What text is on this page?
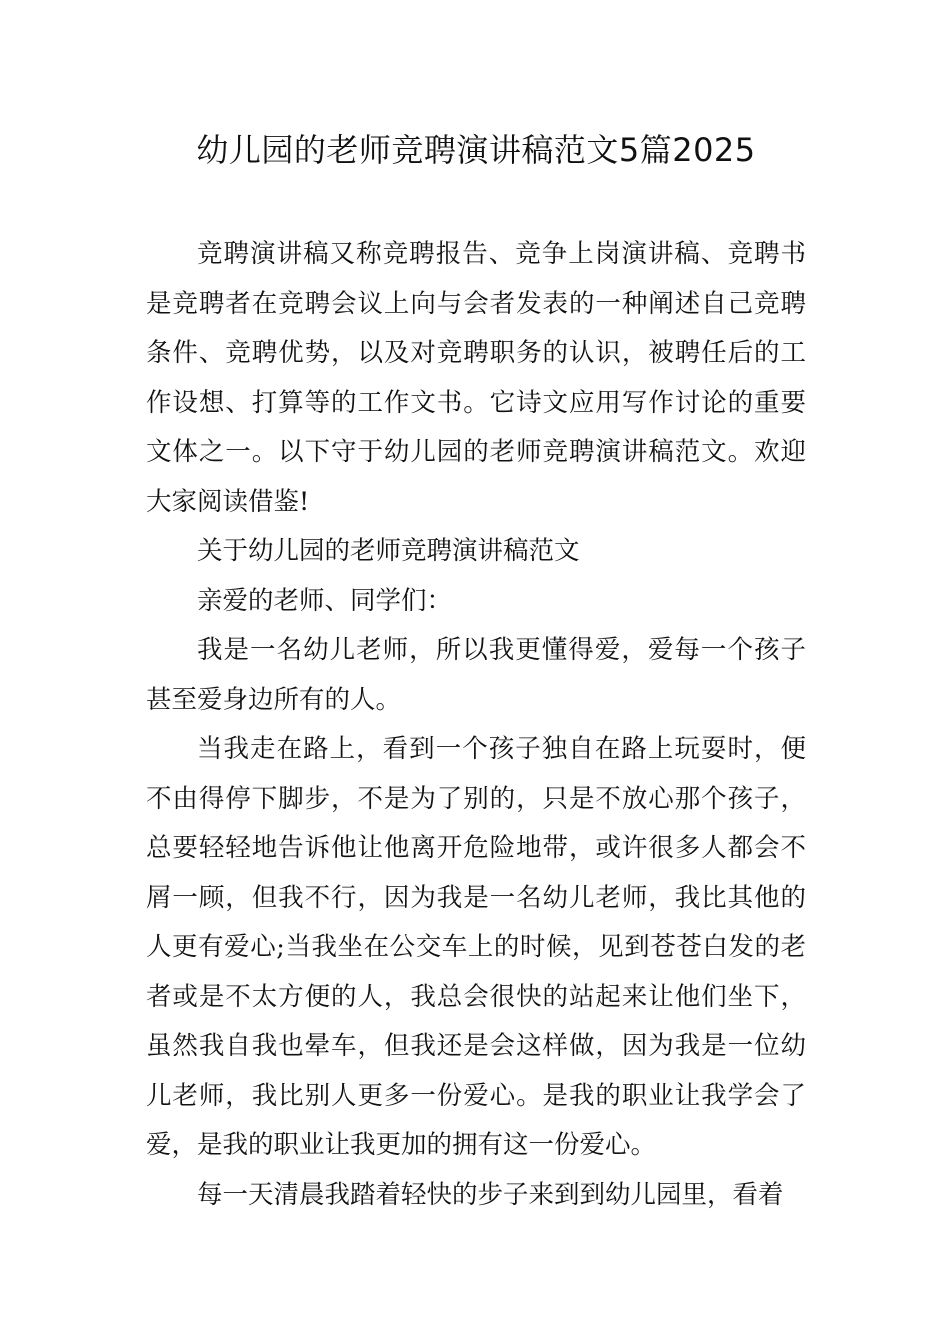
幼儿园的老师竞聘演讲稿范文5篇2025

竞聘演讲稿又称竞聘报告、竞争上岗演讲稿、竞聘书是竞聘者在竞聘会议上向与会者发表的一种阐述自己竞聘条件、竞聘优势，以及对竞聘职务的认识，被聘任后的工作设想、打算等的工作文书。它诗文应用写作讨论的重要文体之一。以下守于幼儿园的老师竞聘演讲稿范文。欢迎大家阅读借鉴!

关于幼儿园的老师竞聘演讲稿范文

亲爱的老师、同学们：

我是一名幼儿老师，所以我更懂得爱，爱每一个孩子甚至爱身边所有的人。

当我走在路上，看到一个孩子独自在路上玩耍时，便不由得停下脚步，不是为了别的，只是不放心那个孩子，总要轻轻地告诉他让他离开危险地带，或许很多人都会不屑一顾，但我不行，因为我是一名幼儿老师，我比其他的人更有爱心;当我坐在公交车上的时候，见到苍苍白发的老者或是不太方便的人，我总会很快的站起来让他们坐下，虽然我自我也晕车，但我还是会这样做，因为我是一位幼儿老师，我比别人更多一份爱心。是我的职业让我学会了爱，是我的职业让我更加的拥有这一份爱心。

每一天清晨我踏着轻快的步子来到到幼儿园里，看着
